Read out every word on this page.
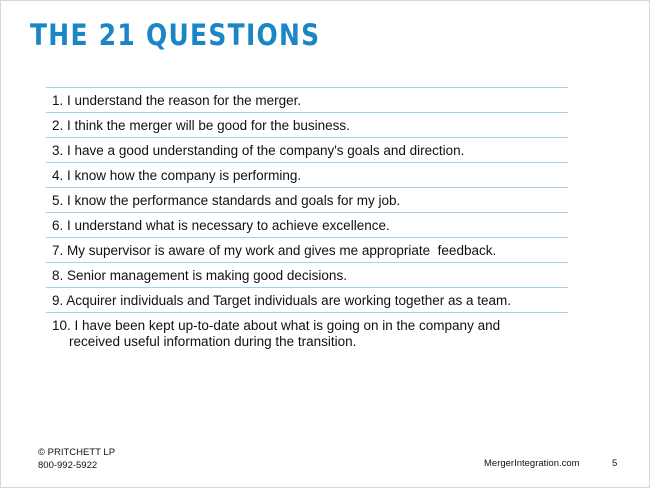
THE 21 QUESTIONS
1. I understand the reason for the merger.
2. I think the merger will be good for the business.
3. I have a good understanding of the company's goals and direction.
4. I know how the company is performing.
5. I know the performance standards and goals for my job.
6. I understand what is necessary to achieve excellence.
7. My supervisor is aware of my work and gives me appropriate  feedback.
8. Senior management is making good decisions.
9. Acquirer individuals and Target individuals are working together as a team.
10. I have been kept up-to-date about what is going on in the company and
received useful information during the transition.
© PRITCHETT LP
800-992-5922	MergerIntegration.com	5
